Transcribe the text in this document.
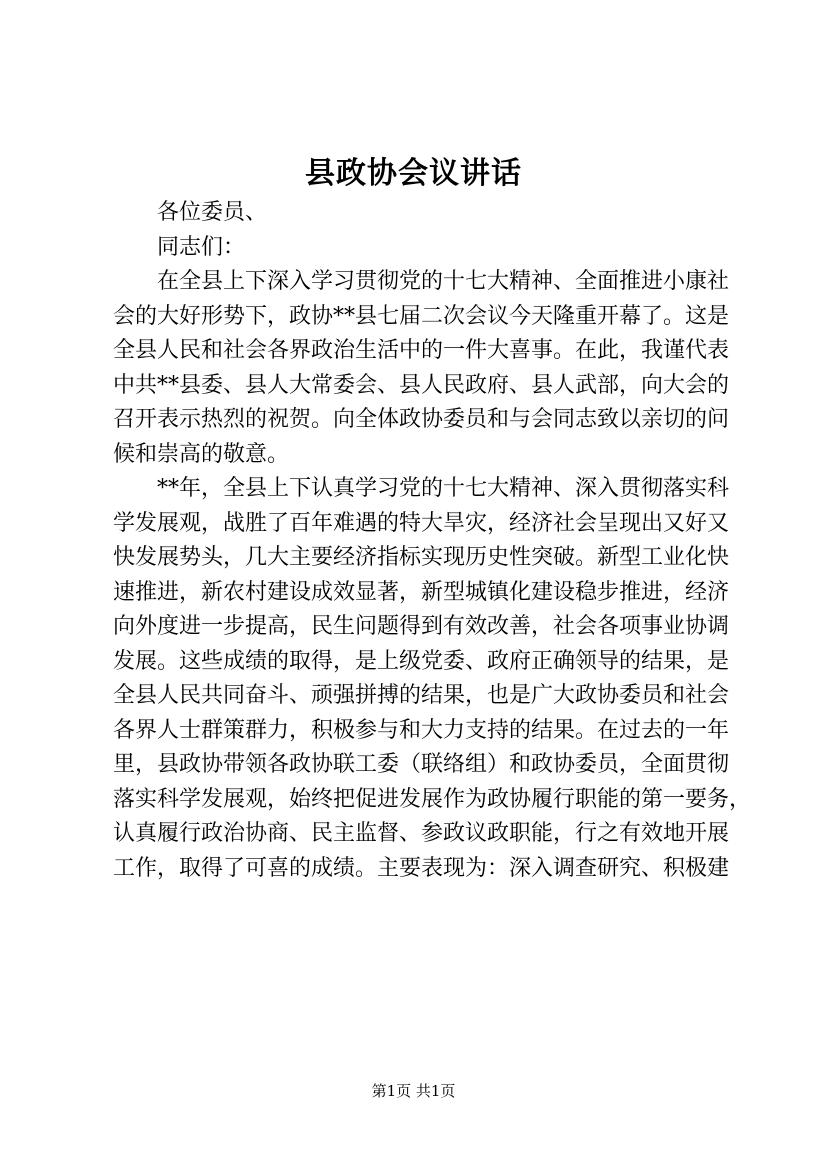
县政协会议讲话

各位委员、

同志们：

在全县上下深入学习贯彻党的十七大精神、全面推进小康社

会的大好形势下，政协**县七届二次会议今天隆重开幕了。这是

全县人民和社会各界政治生活中的一件大喜事。在此，我谨代表

中共**县委、县人大常委会、县人民政府、县人武部，向大会的

召开表示热烈的祝贺。向全体政协委员和与会同志致以亲切的问

候和崇高的敬意。

**年，全县上下认真学习党的十七大精神、深入贯彻落实科

学发展观，战胜了百年难遇的特大旱灾，经济社会呈现出又好又

快发展势头，几大主要经济指标实现历史性突破。新型工业化快

速推进，新农村建设成效显著，新型城镇化建设稳步推进，经济

向外度进一步提高，民生问题得到有效改善，社会各项事业协调

发展。这些成绩的取得，是上级党委、政府正确领导的结果，是

全县人民共同奋斗、顽强拼搏的结果，也是广大政协委员和社会

各界人士群策群力，积极参与和大力支持的结果。在过去的一年

里，县政协带领各政协联工委（联络组）和政协委员，全面贯彻

落实科学发展观，始终把促进发展作为政协履行职能的第一要务，

认真履行政治协商、民主监督、参政议政职能，行之有效地开展

工作，取得了可喜的成绩。主要表现为：深入调查研究、积极建

第1页 共1页
